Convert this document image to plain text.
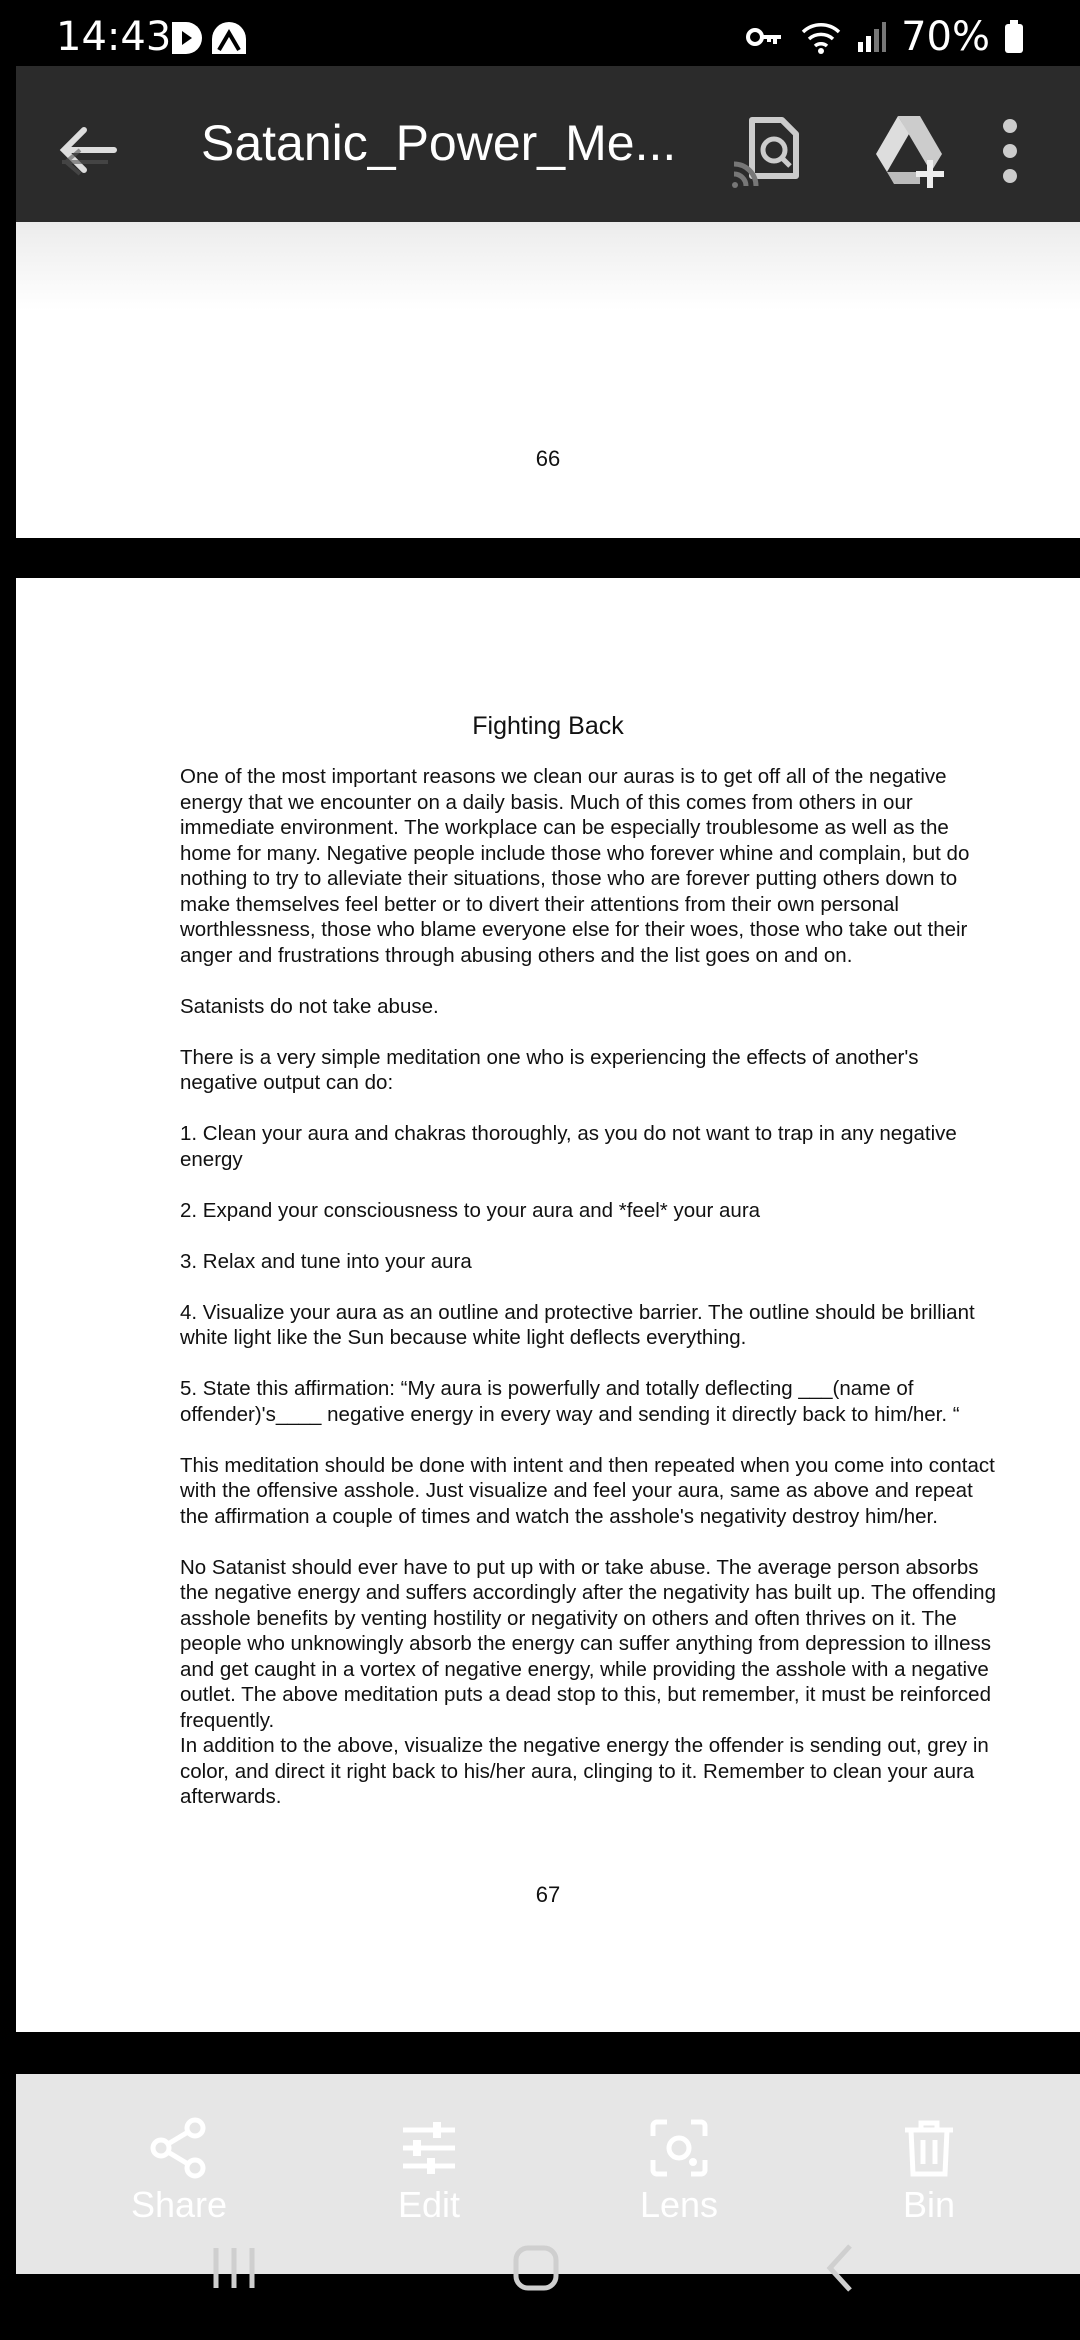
14:43	70%
Satanic_Power_Me...
66
Fighting Back

One of the most important reasons we clean our auras is to get off all of the negative energy that we encounter on a daily basis. Much of this comes from others in our immediate environment. The workplace can be especially troublesome as well as the home for many. Negative people include those who forever whine and complain, but do nothing to try to alleviate their situations, those who are forever putting others down to make themselves feel better or to divert their attentions from their own personal worthlessness, those who blame everyone else for their woes, those who take out their anger and frustrations through abusing others and the list goes on and on.

Satanists do not take abuse.

There is a very simple meditation one who is experiencing the effects of another's negative output can do:

1. Clean your aura and chakras thoroughly, as you do not want to trap in any negative energy

2. Expand your consciousness to your aura and *feel* your aura

3. Relax and tune into your aura

4. Visualize your aura as an outline and protective barrier. The outline should be brilliant white light like the Sun because white light deflects everything.

5. State this affirmation: “My aura is powerfully and totally deflecting ___(name of offender)'s____ negative energy in every way and sending it directly back to him/her. “

This meditation should be done with intent and then repeated when you come into contact with the offensive asshole. Just visualize and feel your aura, same as above and repeat the affirmation a couple of times and watch the asshole's negativity destroy him/her.

No Satanist should ever have to put up with or take abuse. The average person absorbs the negative energy and suffers accordingly after the negativity has built up. The offending asshole benefits by venting hostility or negativity on others and often thrives on it. The people who unknowingly absorb the energy can suffer anything from depression to illness and get caught in a vortex of negative energy, while providing the asshole with a negative outlet. The above meditation puts a dead stop to this, but remember, it must be reinforced frequently.

In addition to the above, visualize the negative energy the offender is sending out, grey in color, and direct it right back to his/her aura, clinging to it. Remember to clean your aura afterwards.

67
Share	Edit	Lens	Bin
